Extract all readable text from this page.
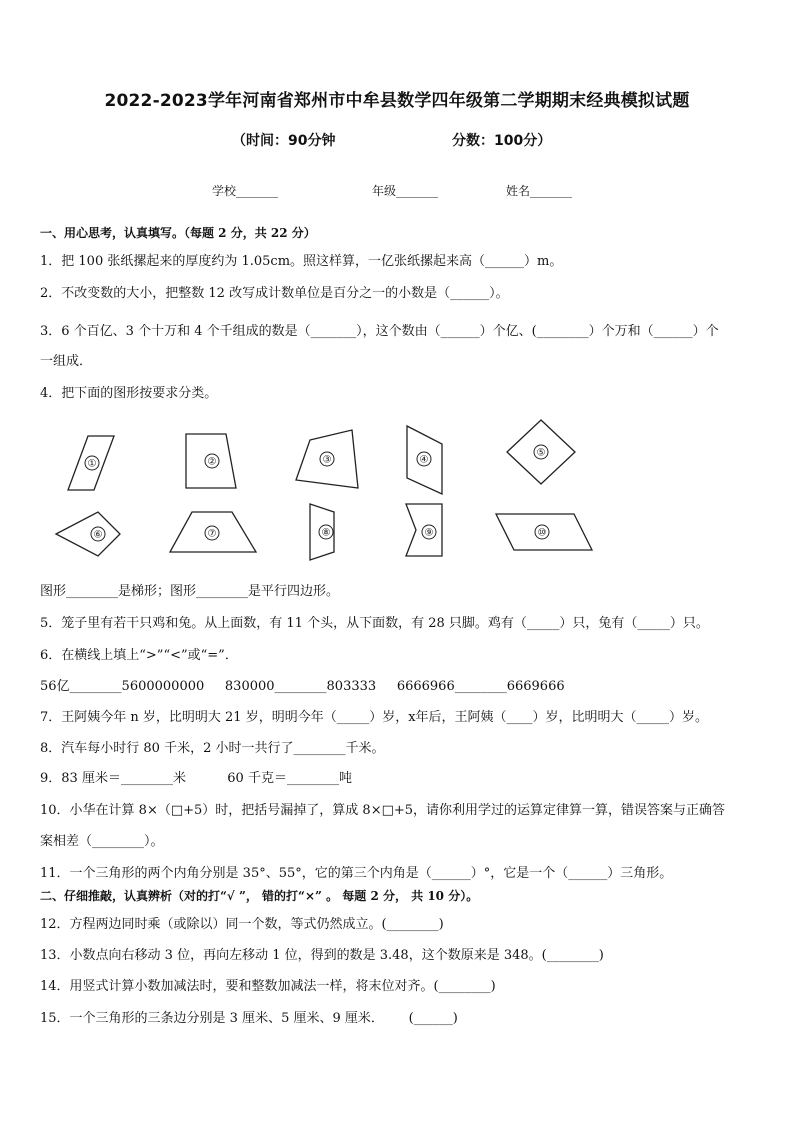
2022-2023学年河南省郑州市中牟县数学四年级第二学期期末经典模拟试题
（时间：90分钟	分数：100分）
学校_______	年级_______	姓名_______
一、用心思考，认真填写。（每题 2 分，共 22 分）
1．把 100 张纸摞起来的厚度约为 1.05cm。照这样算，一亿张纸摞起来高（______）m。
2．不改变数的大小，把整数 12 改写成计数单位是百分之一的小数是（______）。
3．6 个百亿、3 个十万和 4 个千组成的数是（_______），这个数由（______）个亿、(________）个万和（______）个
一组成．
4．把下面的图形按要求分类。
①	②	③	④
⑤
⑥	⑦	⑧	⑨	⑩
图形________是梯形；图形________是平行四边形。
5．笼子里有若干只鸡和兔。从上面数，有 11 个头，从下面数，有 28 只脚。鸡有（_____）只，兔有（_____）只。
6．在横线上填上“>”“<”或“=”．
56亿________5600000000     830000________803333     6666966________6669666
7．王阿姨今年 n 岁，比明明大 21 岁，明明今年（_____）岁，x年后，王阿姨（____）岁，比明明大（_____）岁。
8．汽车每小时行 80 千米，2 小时一共行了________千米。
9．83 厘米＝________米          60 千克＝________吨
10．小华在计算 8×（□+5）时，把括号漏掉了，算成 8×□+5，请你利用学过的运算定律算一算，错误答案与正确答
案相差（________）。
11．一个三角形的两个内角分别是 35°、55°，它的第三个内角是（______）°，它是一个（______）三角形。
二、仔细推敲，认真辨析（对的打“√ ”， 错的打“×” 。 每题 2 分， 共 10 分）。
12．方程两边同时乘（或除以）同一个数，等式仍然成立。(________)
13．小数点向右移动 3 位，再向左移动 1 位，得到的数是 3.48，这个数原来是 348。(________)
14．用竖式计算小数加减法时，要和整数加减法一样，将末位对齐。(________)
15．一个三角形的三条边分别是 3 厘米、5 厘米、9 厘米．      (______)
